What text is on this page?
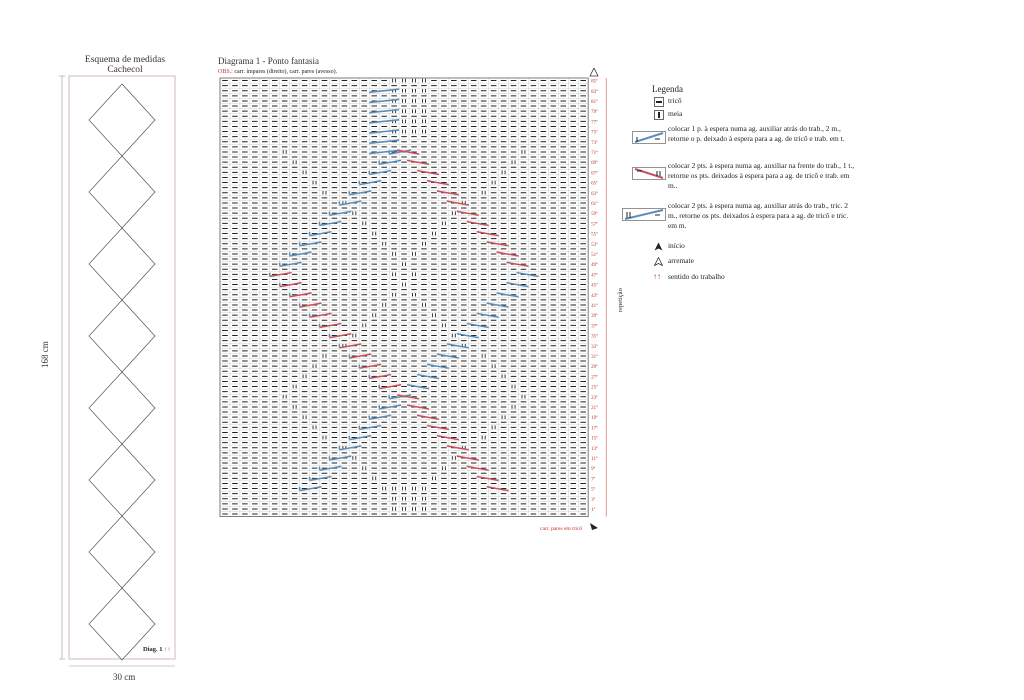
Esquema de medidas
Cachecol
168 cm
30 cm
Diag. 1 ↑↑
Diagrama 1 - Ponto fantasia
OBS.: carr. ímpares (direito), carr. pares (avesso).
85ª
83ª
81ª
79ª
77ª
75ª
73ª
71ª
69ª
67ª
65ª
63ª
61ª
59ª
57ª
55ª
53ª
51ª
49ª
47ª
45ª
43ª
41ª
39ª
37ª
35ª
33ª
31ª
29ª
27ª
25ª
23ª
21ª
19ª
17ª
15ª
13ª
11ª
9ª
7ª
5ª
3ª
1ª
repetição
carr. pares em tricô
Legenda
tricô
meia
colocar 1 p. à espera numa ag. auxiliar atrás do trab., 2 m., retorne o p. deixado à espera para a ag. de tricô e trab. em t.
colocar 2 pts. à espera numa ag. auxiliar na frente do trab., 1 t., retorne os pts. deixados à espera para a ag. de tricô e trab. em m..
colocar 2 pts. à espera numa ag. auxiliar atrás do trab., tric. 2 m., retorne os pts. deixados à espera para a ag. de tricô e tric. em m.
início
arremate
↑↑ sentido do trabalho
